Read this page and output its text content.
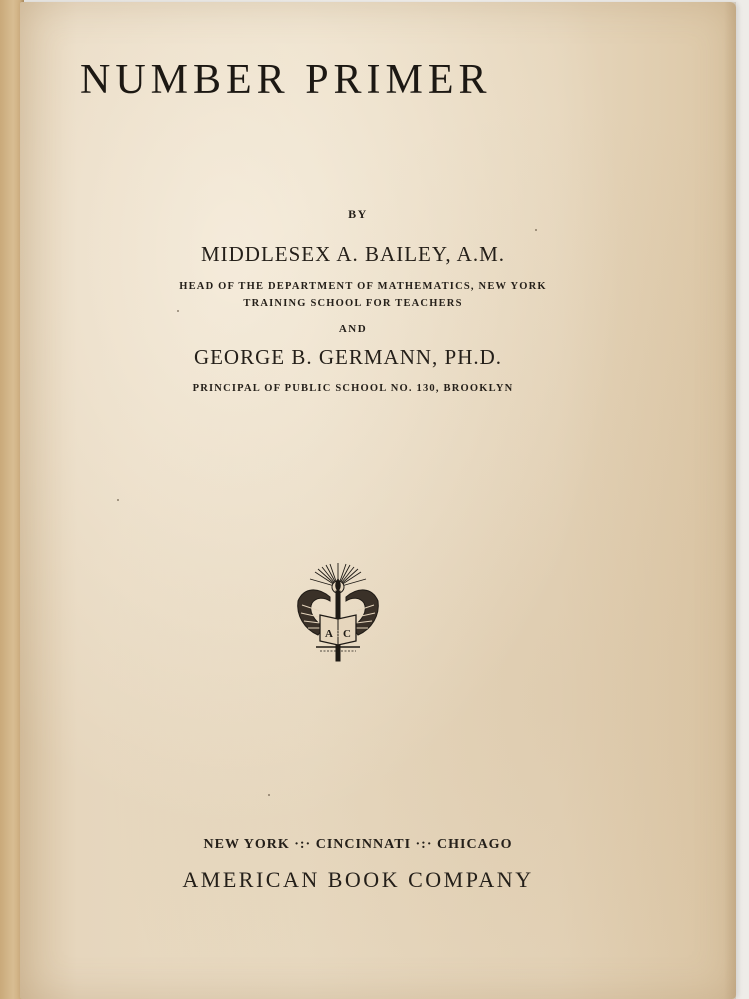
NUMBER PRIMER
BY
MIDDLESEX A. BAILEY, A.M.
HEAD OF THE DEPARTMENT OF MATHEMATICS, NEW YORK
TRAINING SCHOOL FOR TEACHERS
AND
GEORGE B. GERMANN, PH.D.
PRINCIPAL OF PUBLIC SCHOOL NO. 130, BROOKLYN
A B C
NEW YORK ·:· CINCINNATI ·:· CHICAGO
AMERICAN BOOK COMPANY
